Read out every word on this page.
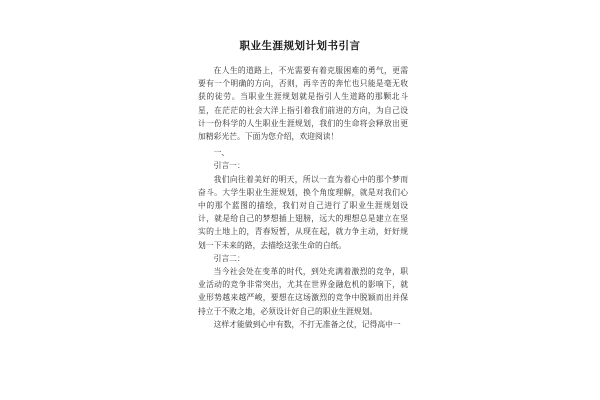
职业生涯规划计划书引言

在人生的道路上，不光需要有着克服困难的勇气，更需要有一个明确的方向，否则，再辛苦的奔忙也只能是毫无收获的徒劳。当职业生涯规划就是指引人生道路的那颗北斗星，在茫茫的社会大洋上指引着我们前进的方向，为自己设计一份科学的人生职业生涯规划，我们的生命将会释放出更加精彩光芒。下面为您介绍，欢迎阅读！

一、

引言一：

我们向往着美好的明天，所以一直为着心中的那个梦而奋斗。大学生职业生涯规划，换个角度理解，就是对我们心中的那个蓝图的描绘，我们对自己进行了职业生涯规划设计，就是给自己的梦想插上翅膀，远大的理想总是建立在坚实的土地上的，青春短暂，从现在起，就力争主动，好好规划一下未来的路，去描绘这张生命的白纸。

引言二：

当今社会处在变革的时代，到处充满着激烈的竞争，职业活动的竞争非常突出，尤其在世界金融危机的影响下，就业形势越来越严峻，要想在这场激烈的竞争中脱颖而出并保持立于不败之地，必须设计好自己的职业生涯规划。

这样才能做到心中有数，不打无准备之仗，记得高中一
